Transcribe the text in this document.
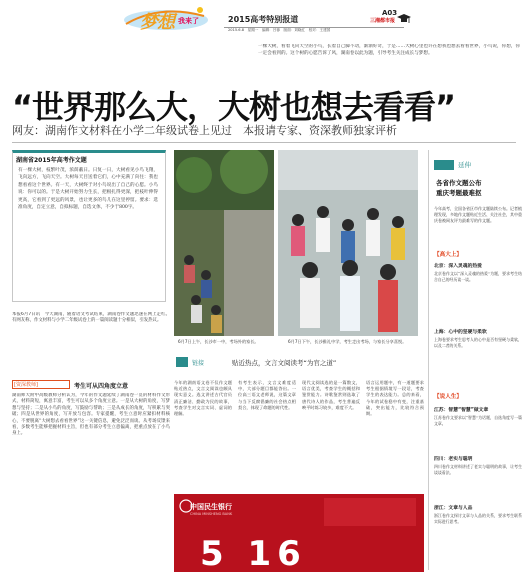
梦想 我来了	2015高考特别报道
2015.6.8　星期一　编辑：吕蓉　版面：刘晓红　校对：王建国
A03
三湘都市报
一棵大树，看着飞向天空的小鸟，长着自己脚不动，渐渐好奇，于是……大树心里也许在想我也想去看看世界，小鸟说，你想，你一定会看到的。这个树的心愿告诉了风，湖南卷以此为题，引导考生关注成长与梦想。
“世界那么大，大树也想去看看”
网友：湖南作文材料在小学二年级试卷上见过　本报请专家、资深教师独家评析
湖南省2015年高考作文题
有一棵大树，枝繁叶茂，浓荫蔽日。日复一日，大树看见小鸟飞翔，飞向远方，飞向天空。大树每天目送着它们，心中充满了向往：我也想看看这个世界。有一天，大树终于对小鸟说出了自己的心愿。小鸟说：你可以的。于是大树开始努力生长，把根扎得更深，把枝叶伸得更高，它看到了更远的风景，也让更多的鸟儿在这里停留。要求：选准角度，自定立意，自拟标题，自选文体，不少于800字。
6月7日上午，长沙市一中，考场外的家长。	6月7日下午，长沙雅礼中学，考生走出考场，与家长分享喜悦。
延伸
各省作文题公布
重庆考题最难抠
今年高考，全国各省区市作文题陆续公布。记者梳理发现，多地作文题贴近生活、关注社会，其中重庆卷被网友评为最难写的作文题。
【高大上】
北京：深入灵魂的热爱
北京卷作文以“深入灵魂的热爱”为题，要求考生结合自己的经历谈一谈。
上海：心中的坚硬与柔软
上海卷要求考生思考人的心中是否有坚硬与柔软，以及二者的关系。
【说人生】
江苏：智慧“智慧”做文章
江苏卷作文要求以“智慧”为话题，自选角度写一篇文章。
四川：老实与聪明
四川卷作文材料讲述了老实与聪明的故事，让考生谈谈看法。
浙江：文章与人品
浙江卷作文探讨文章与人品的关系，要求考生联系实际进行思考。
本报6月7日讯　今天湖南，随着语文考试结束，湖南卷作文题迅速在网上走红。有网友称，作文材料与小学二年级试卷上的一篇阅读题十分相似，引发热议。
[资深教师]	考生可从四角度立意
湖南师大附中高级教师分析认为，今年的作文题延续了湖南卷一贯的材料作文形式，材料简短，寓意丰富，考生可以从多个角度立意。一是从大树的角度，写梦想与坚持；二是从小鸟的角度，写鼓励与帮助；三是从成长的角度，写积累与突破；四是从世界的角度，写开放与包容。专家提醒，考生立意时应紧扣材料核心，不要脱离“大树想去看看世界”这一关键信息，避免泛泛而谈。从考场反馈来看，多数考生能够把握材料主旨，但也有部分考生立意偏离，把重点放在了小鸟身上。
链接	贴近热点，文言文阅读考“为官之道”
今年的湖南语文卷不仅作文题贴近热点，文言文阅读也颇具现实意义。选文讲述古代官员清正廉洁、勤政为民的故事，考查学生对文言实词、虚词的理解。
有考生表示，文言文难度适中，大部分题目都能答出。一位高三语文老师说，这篇文章与当下反腐倡廉的社会热点相契合，体现了命题的时代性。
现代文阅读选的是一篇散文，语言优美，考查学生的概括和鉴赏能力。诗歌鉴赏则选取了唐代诗人的作品，考生普遍反映平时练习较多，难度不大。
语言运用题中，有一道题要求考生根据情境写一段话，考查学生的表达能力。总的来看，今年的试卷稳中有变，注重基础，突出能力，比较符合预期。
中国民生银行
CHINA MINSHENG BANK
5 16
